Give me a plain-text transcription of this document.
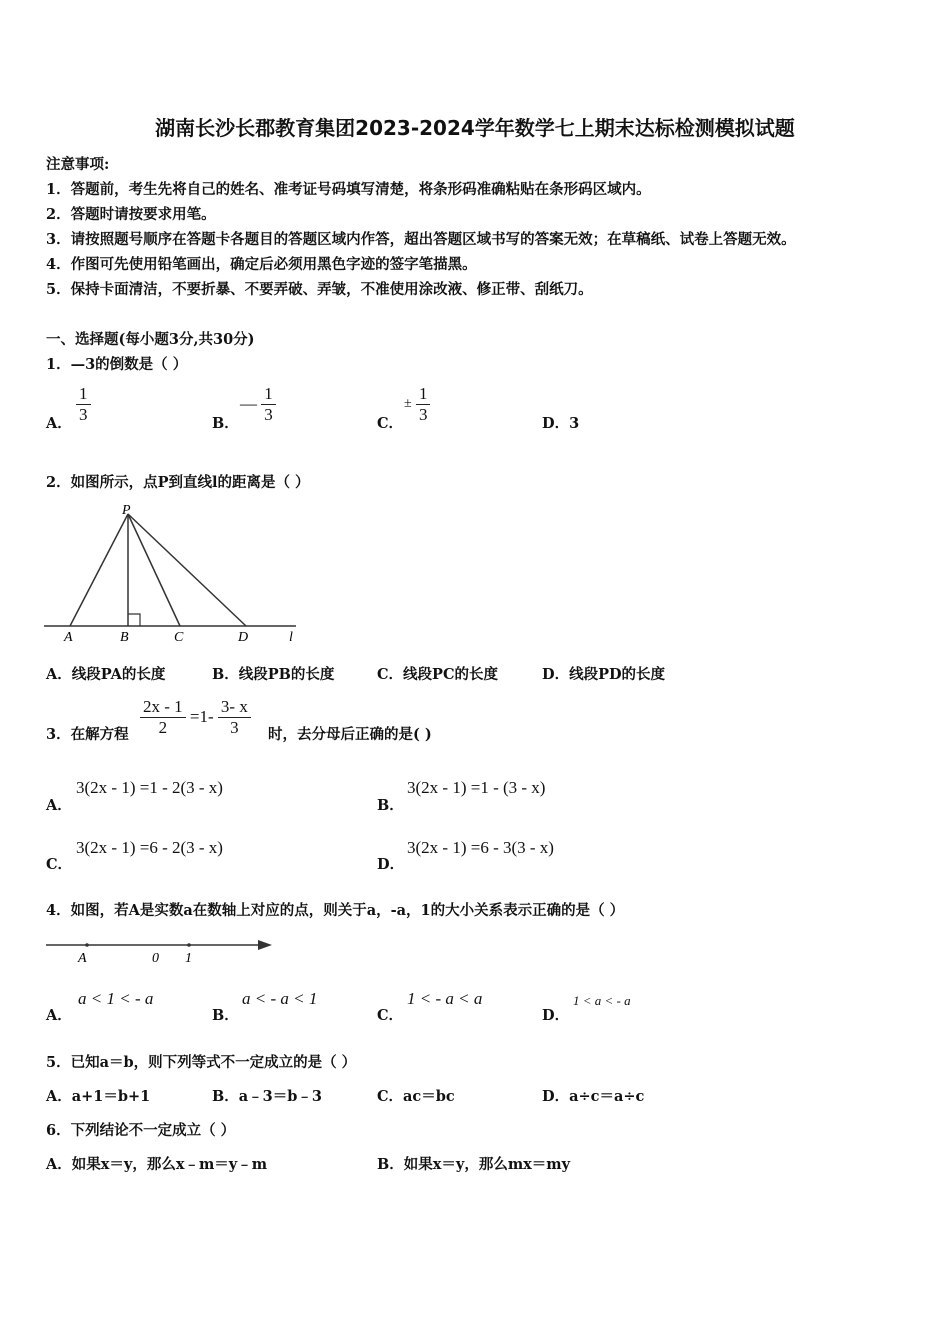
湖南长沙长郡教育集团2023-2024学年数学七上期末达标检测模拟试题
注意事项:
1．答题前，考生先将自己的姓名、准考证号码填写清楚，将条形码准确粘贴在条形码区域内。
2．答题时请按要求用笔。
3．请按照题号顺序在答题卡各题目的答题区域内作答，超出答题区域书写的答案无效；在草稿纸、试卷上答题无效。
4．作图可先使用铅笔画出，确定后必须用黑色字迹的签字笔描黑。
5．保持卡面清洁，不要折暴、不要弄破、弄皱，不准使用涂改液、修正带、刮纸刀。
一、选择题(每小题3分,共30分)
1．—3的倒数是（ ）
A． $\frac{1}{3}$	B．
— $\frac{1}{3}$	C．
± $\frac{1}{3}$	D．3
2．如图所示，点P到直线l的距离是（ ）
P
A	B	C	D	l
A．线段PA的长度	B．线段PB的长度	C．线段PC的长度	D．线段PD的长度
3．在解方程 $\frac{2x - 1}{2} =1- \frac{3- x}{3}$ 时，去分母后正确的是( )
A．
3(2x - 1) =1 - 2(3 - x)
B．
3(2x - 1) =1 - (3 - x)
C．
3(2x - 1) =6 - 2(3 - x)
D．
3(2x - 1) =6 - 3(3 - x)
4．如图，若A是实数a在数轴上对应的点，则关于a，-a，1的大小关系表示正确的是（ ）
A	0 1
A．
a < 1 < - a
B．
a < - a < 1
C．
1 < - a < a
D．
1 < a < - a
5．已知a＝b，则下列等式不一定成立的是（ ）
A．a+1＝b+1	B．a﹣3＝b﹣3	C．ac＝bc	D．a÷c＝a÷c
6．下列结论不一定成立（ ）
A．如果x＝y，那么x﹣m＝y﹣m	B．如果x＝y，那么mx＝my
